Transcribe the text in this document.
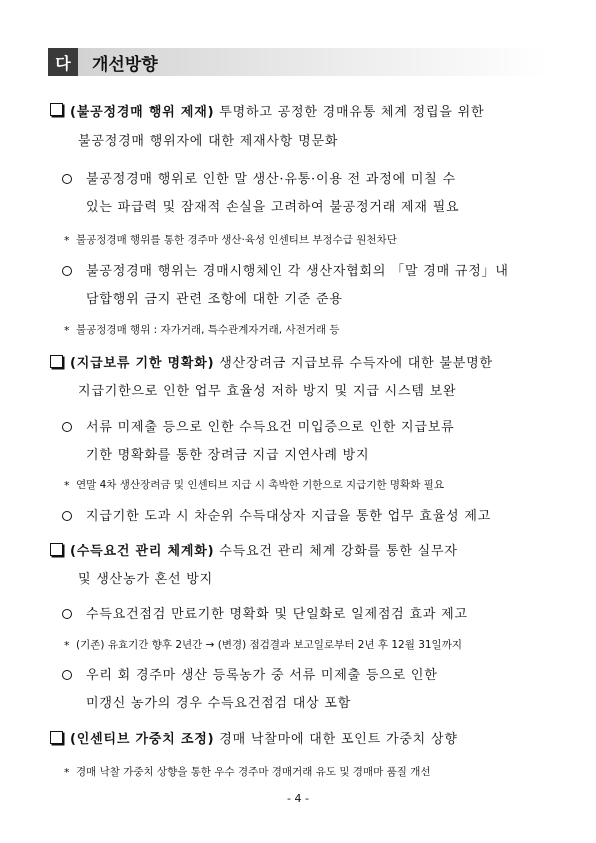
다	개선방향
(불공정경매 행위 제재) 투명하고 공정한 경매유통 체계 정립을 위한
불공정경매 행위자에 대한 제재사항 명문화
불공정경매 행위로 인한 말 생산·유통·이용 전 과정에 미칠 수
있는 파급력 및 잠재적 손실을 고려하여 불공정거래 제재 필요
* 불공정경매 행위를 통한 경주마 생산·육성 인센티브 부정수급 원천차단
불공정경매 행위는 경매시행체인 각 생산자협회의 「말 경매 규정」내
담합행위 금지 관련 조항에 대한 기준 준용
* 불공정경매 행위 : 자가거래, 특수관계자거래, 사전거래 등
(지급보류 기한 명확화) 생산장려금 지급보류 수득자에 대한 불분명한
지급기한으로 인한 업무 효율성 저하 방지 및 지급 시스템 보완
서류 미제출 등으로 인한 수득요건 미입증으로 인한 지급보류
기한 명확화를 통한 장려금 지급 지연사례 방지
* 연말 4차 생산장려금 및 인센티브 지급 시 촉박한 기한으로 지급기한 명확화 필요
지급기한 도과 시 차순위 수득대상자 지급을 통한 업무 효율성 제고
(수득요건 관리 체계화) 수득요건 관리 체계 강화를 통한 실무자
및 생산농가 혼선 방지
수득요건점검 만료기한 명확화 및 단일화로 일제점검 효과 제고
* (기존) 유효기간 향후 2년간 → (변경) 점검결과 보고일로부터 2년 후 12월 31일까지
우리 회 경주마 생산 등록농가 중 서류 미제출 등으로 인한
미갱신 농가의 경우 수득요건점검 대상 포함
(인센티브 가중치 조정) 경매 낙찰마에 대한 포인트 가중치 상향
* 경매 낙찰 가중치 상향을 통한 우수 경주마 경매거래 유도 및 경매마 품질 개선
- 4 -
